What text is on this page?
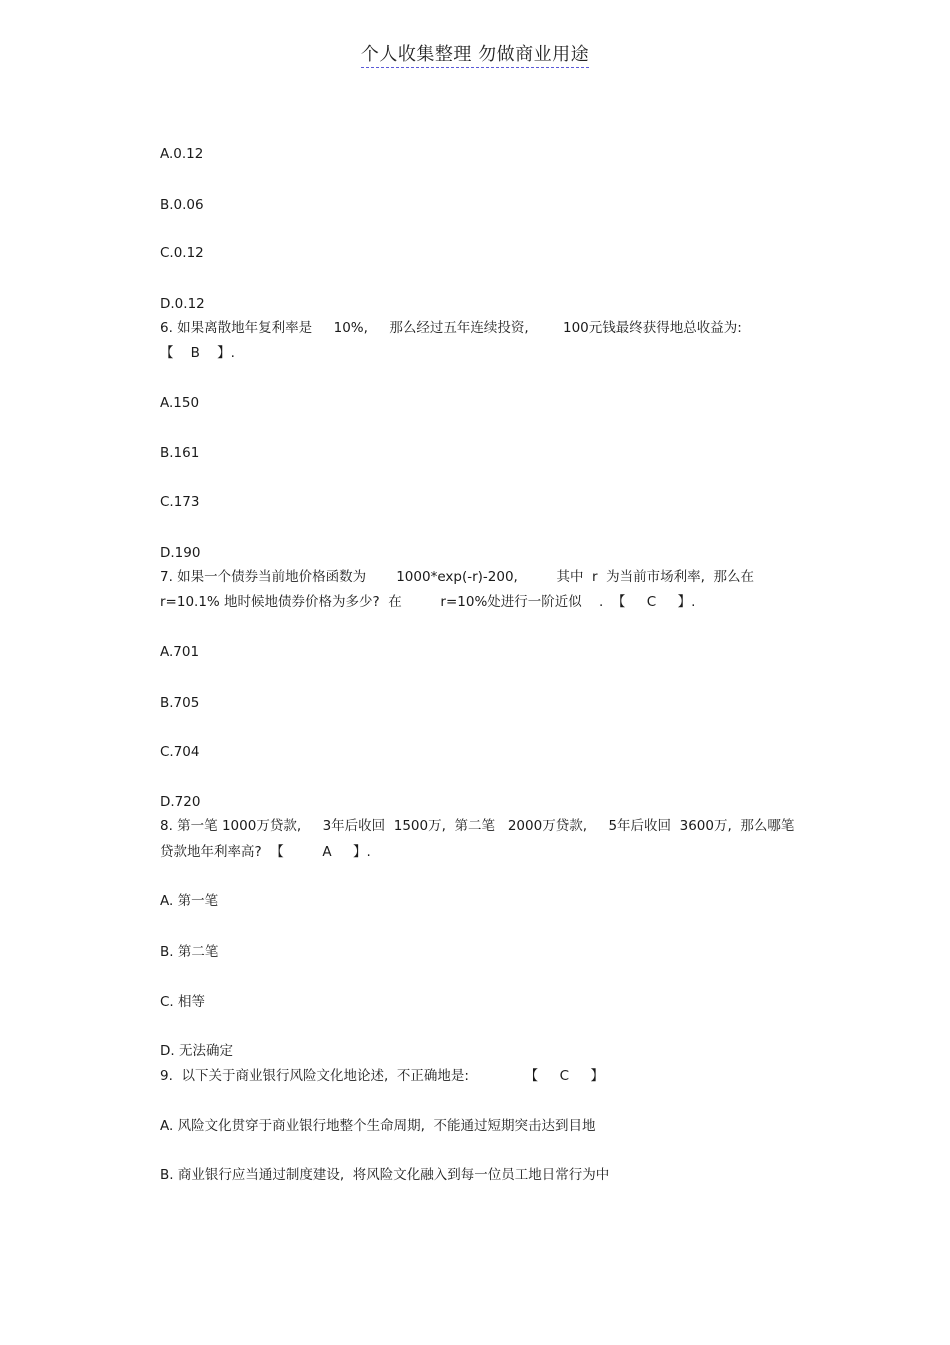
个人收集整理 勿做商业用途
A.0.12
B.0.06
C.0.12
D.0.12
6. 如果离散地年复利率是     10%,     那么经过五年连续投资,        100元钱最终获得地总收益为:
【    B    】.
A.150
B.161
C.173
D.190
7. 如果一个债券当前地价格函数为       1000*exp(-r)-200,         其中  r  为当前市场利率,  那么在
r=10.1% 地时候地债券价格为多少?  在         r=10%处进行一阶近似    .  【     C     】.
A.701
B.705
C.704
D.720
8. 第一笔 1000万贷款,     3年后收回  1500万,  第二笔   2000万贷款,     5年后收回  3600万,  那么哪笔
贷款地年利率高?  【         A     】.
A. 第一笔
B. 第二笔
C. 相等
D. 无法确定
9.  以下关于商业银行风险文化地论述,  不正确地是:             【     C     】
A. 风险文化贯穿于商业银行地整个生命周期,  不能通过短期突击达到目地
B. 商业银行应当通过制度建设,  将风险文化融入到每一位员工地日常行为中
